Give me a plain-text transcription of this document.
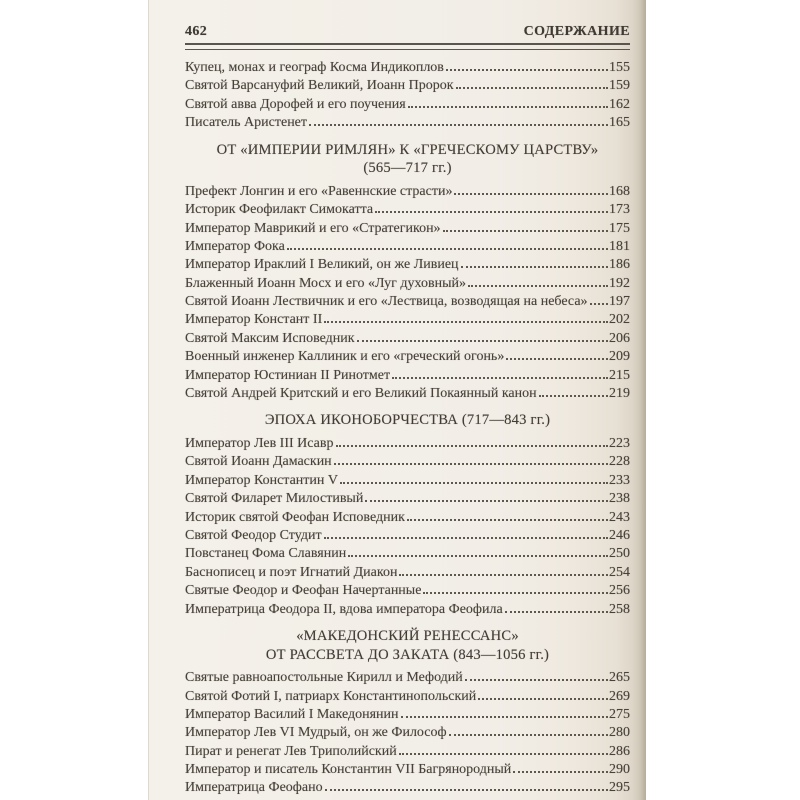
462	СОДЕРЖАНИЕ
Купец, монах и географ Косма Индикоплов	155
Святой Варсануфий Великий, Иоанн Пророк	159
Святой авва Дорофей и его поучения	162
Писатель Аристенет	165
ОТ «ИМПЕРИИ РИМЛЯН» К «ГРЕЧЕСКОМУ ЦАРСТВУ»
(565—717 гг.)
Префект Лонгин и его «Равеннские страсти»	168
Историк Феофилакт Симокатта	173
Император Маврикий и его «Стратегикон»	175
Император Фока	181
Император Ираклий I Великий, он же Ливиец	186
Блаженный Иоанн Мосх и его «Луг духовный»	192
Святой Иоанн Лествичник и его «Лествица, возводящая на небеса» 197
Император Констант II	202
Святой Максим Исповедник	206
Военный инженер Каллиник и его «греческий огонь»	209
Император Юстиниан II Ринотмет	215
Святой Андрей Критский и его Великий Покаянный канон	219
ЭПОХА ИКОНОБОРЧЕСТВА (717—843 гг.)
Император Лев III Исавр	223
Святой Иоанн Дамаскин	228
Император Константин V	233
Святой Филарет Милостивый	238
Историк святой Феофан Исповедник	243
Святой Феодор Студит	246
Повстанец Фома Славянин	250
Баснописец и поэт Игнатий Диакон	254
Святые Феодор и Феофан Начертанные	256
Императрица Феодора II, вдова императора Феофила	258
«МАКЕДОНСКИЙ РЕНЕССАНС»
ОТ РАССВЕТА ДО ЗАКАТА (843—1056 гг.)
Святые равноапостольные Кирилл и Мефодий	265
Святой Фотий I, патриарх Константинопольский	269
Император Василий I Македонянин	275
Император Лев VI Мудрый, он же Философ	280
Пират и ренегат Лев Триполийский	286
Император и писатель Константин VII Багрянородный	290
Императрица Феофано	295
